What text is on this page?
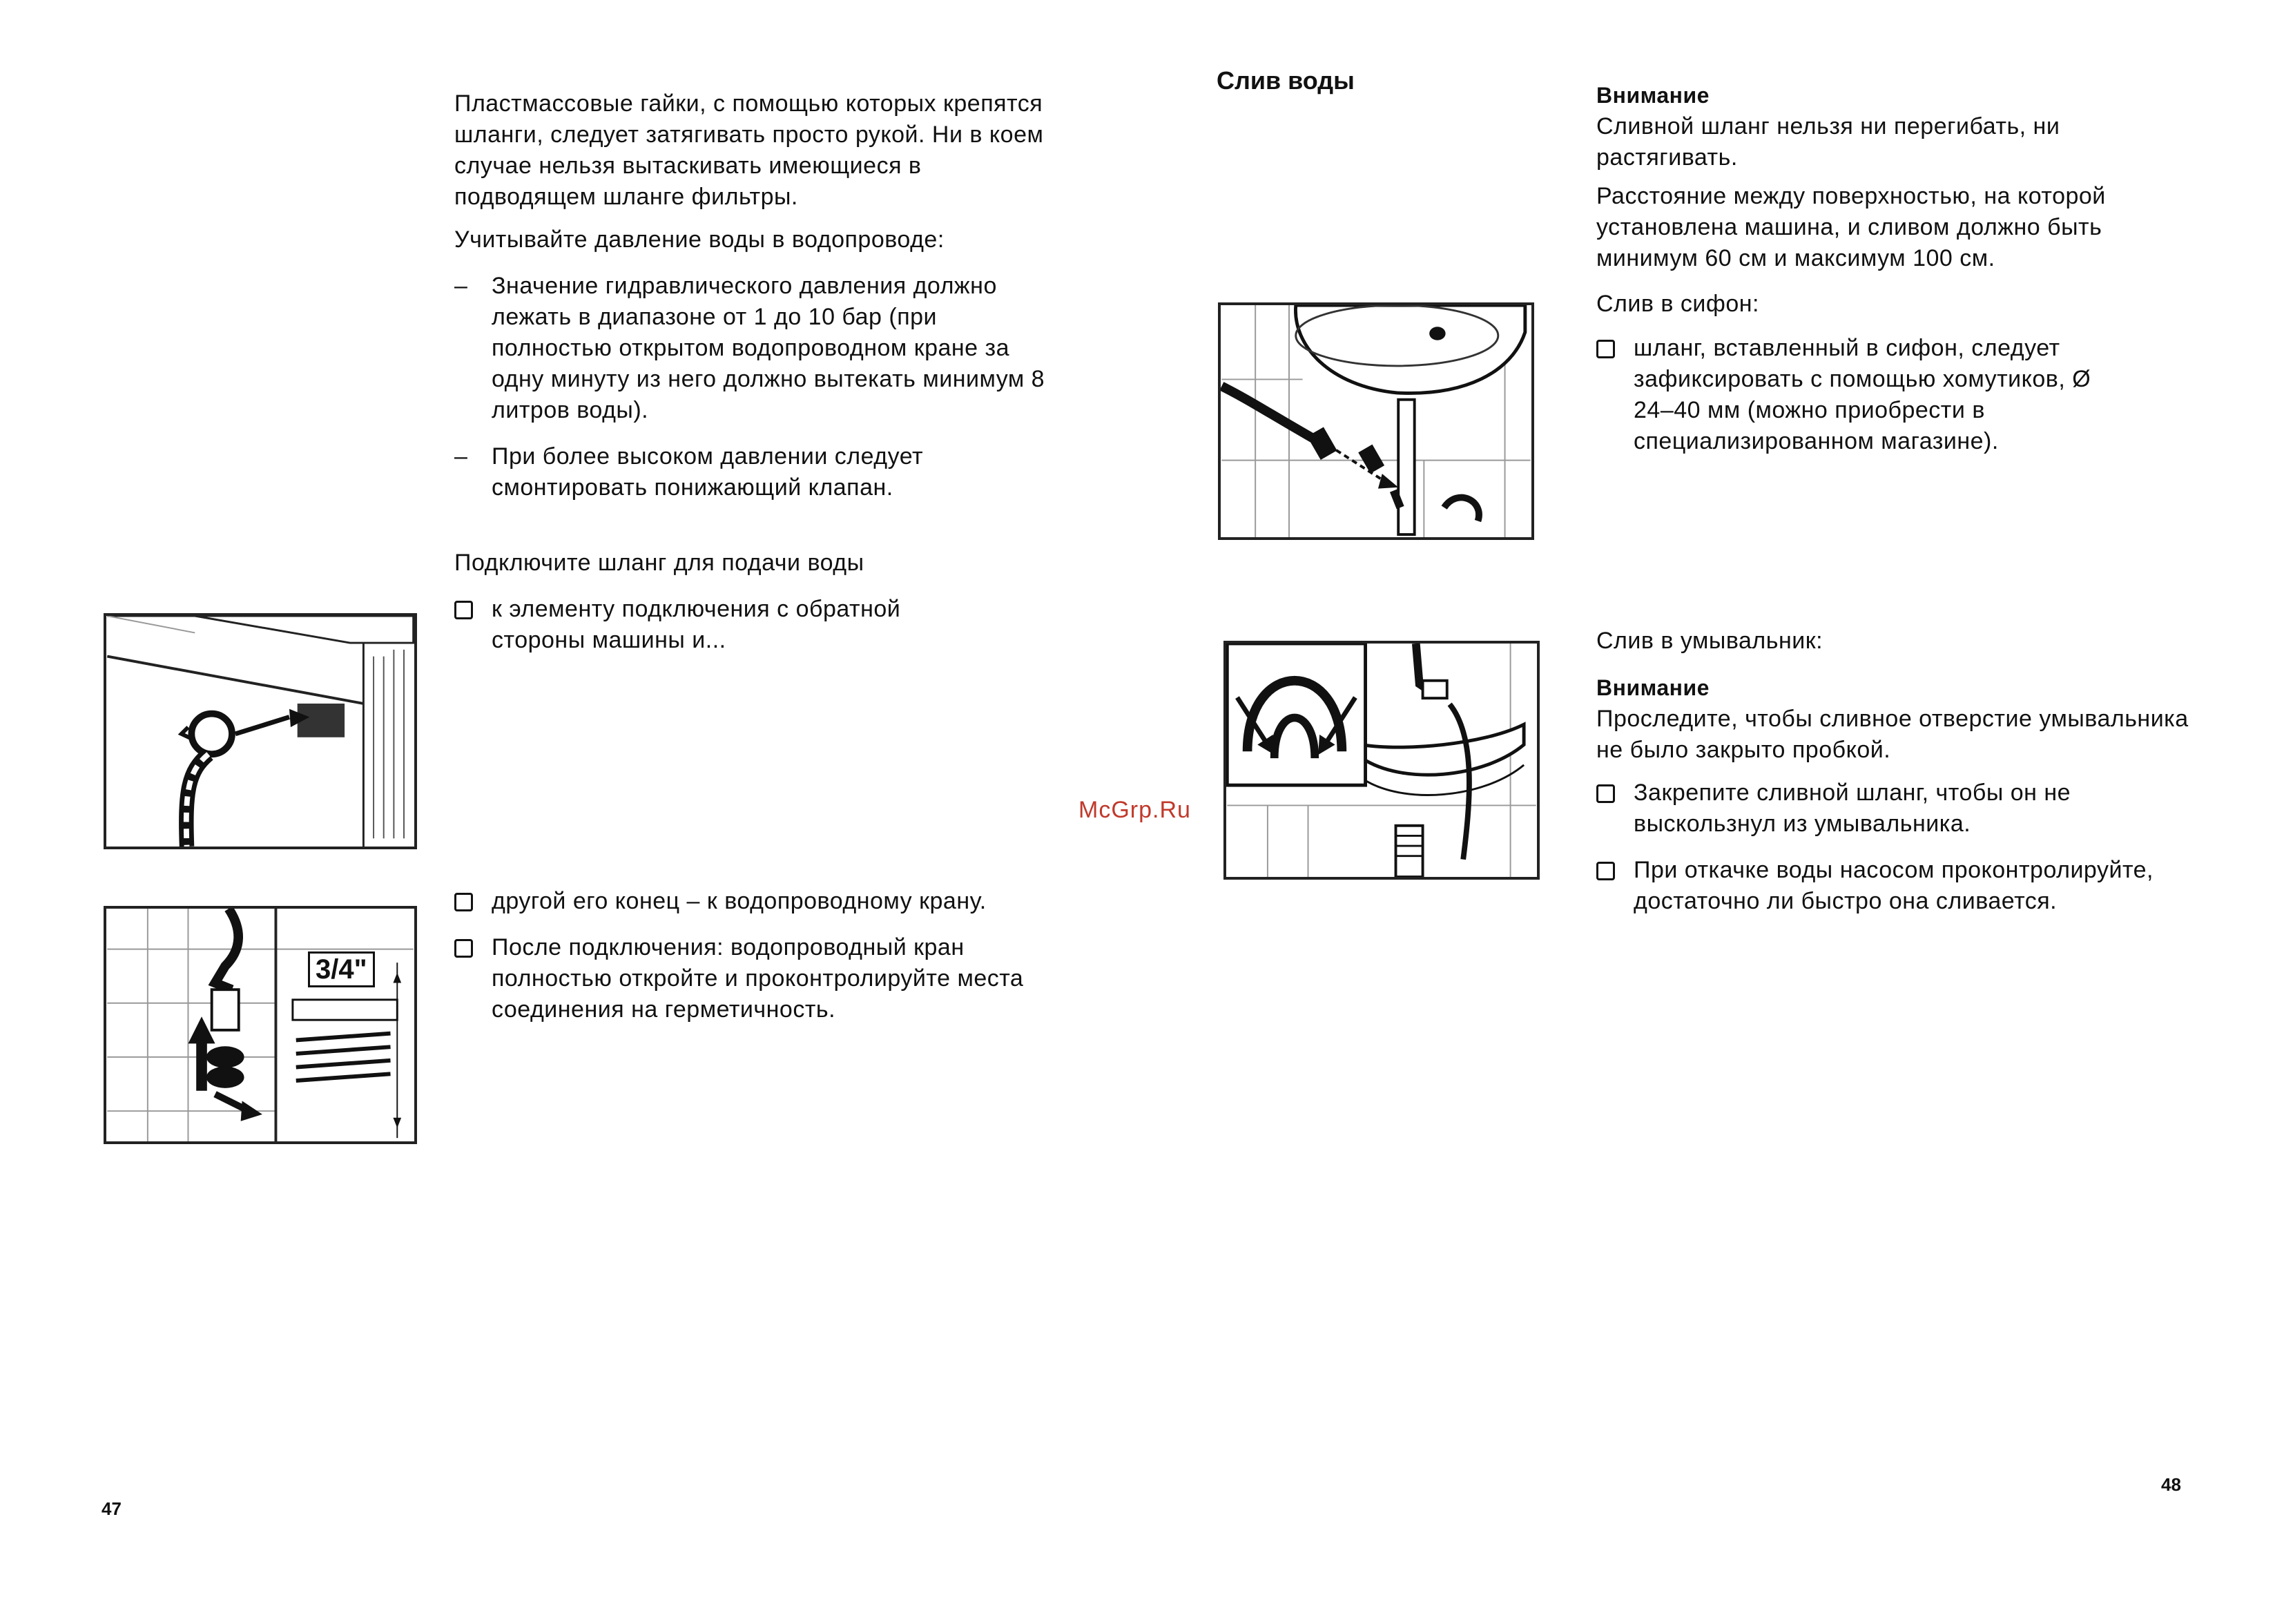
Пластмассовые гайки, с помощью которых крепятся шланги, следует затягивать просто рукой. Ни в коем случае нельзя вытаскивать имеющиеся в подводящем шланге фильтры.

Учитывайте давление воды в водопроводе:

–	Значение гидравлического давления должно лежать в диапазоне от 1 до 10 бар (при полностью открытом водопроводном кране за одну минуту из него должно вытекать минимум 8 литров воды).

–	При более высоком давлении следует смонтировать понижающий клапан.

Подключите шланг для подачи воды

к элементу подключения с обратной стороны машины и...

другой его конец – к водопроводному крану.

После подключения: водопроводный кран полностью откройте и проконтролируйте места соединения на герметичность.

3/4"
47
Слив воды

Внимание

Сливной шланг нельзя ни перегибать, ни растягивать.

Расстояние между поверхностью, на которой установлена машина, и сливом должно быть минимум 60 см и максимум 100 см.

Слив в сифон:

шланг, вставленный в сифон, следует зафиксировать с помощью хомутиков, Ø 24–40 мм (можно приобрести в специализированном магазине).

Слив в умывальник:

Внимание

Проследите, чтобы сливное отверстие умывальника не было закрыто пробкой.

Закрепите сливной шланг, чтобы он не выскользнул из умывальника.

При откачке воды насосом проконтролируйте, достаточно ли быстро она сливается.

McGrp.Ru
48
